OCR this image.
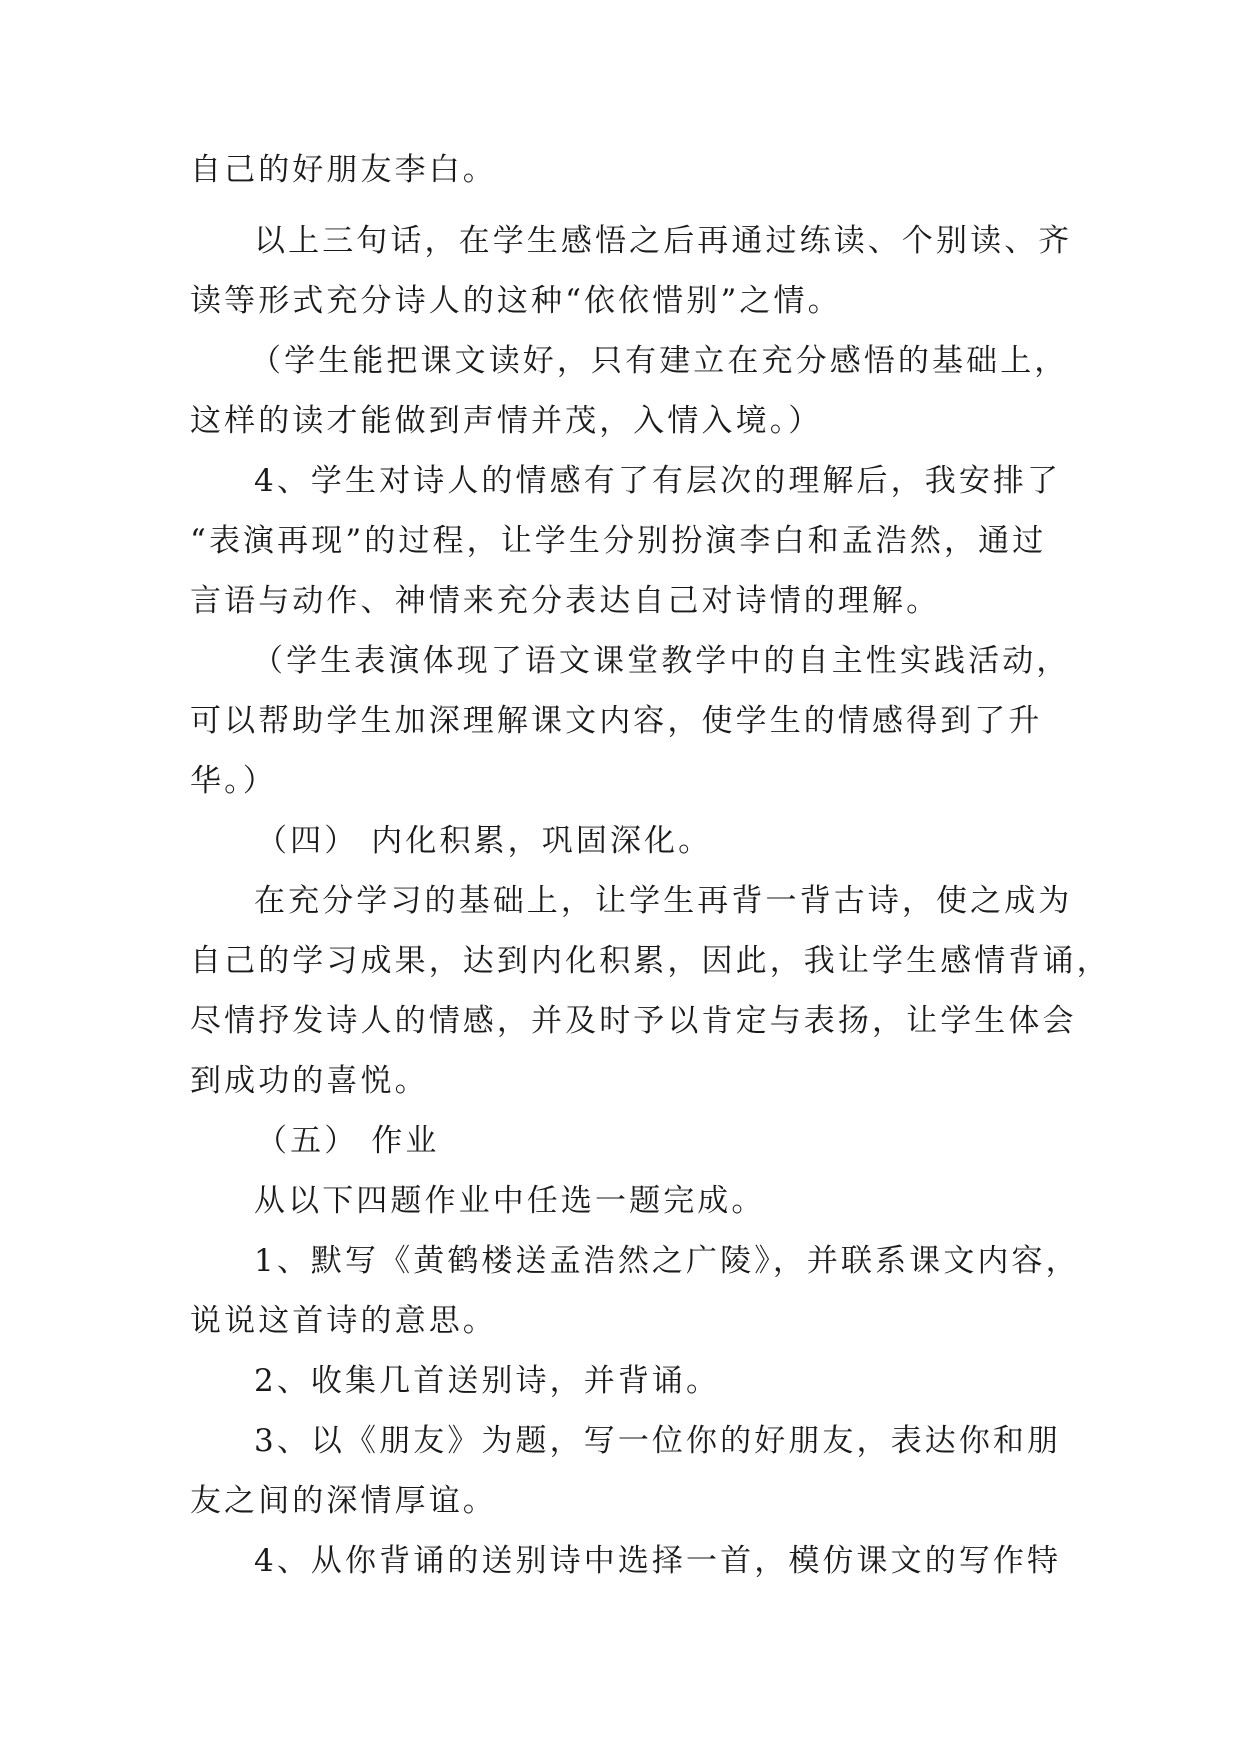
自己的好朋友李白。
以上三句话，在学生感悟之后再通过练读、个别读、齐
读等形式充分诗人的这种“依依惜别”之情。
（学生能把课文读好，只有建立在充分感悟的基础上，
这样的读才能做到声情并茂，入情入境。）
4、学生对诗人的情感有了有层次的理解后，我安排了
“表演再现”的过程，让学生分别扮演李白和孟浩然，通过
言语与动作、神情来充分表达自己对诗情的理解。
（学生表演体现了语文课堂教学中的自主性实践活动，
可以帮助学生加深理解课文内容，使学生的情感得到了升
华。）
（四） 内化积累，巩固深化。
在充分学习的基础上，让学生再背一背古诗，使之成为
自己的学习成果，达到内化积累，因此，我让学生感情背诵，
尽情抒发诗人的情感，并及时予以肯定与表扬，让学生体会
到成功的喜悦。
（五） 作业
从以下四题作业中任选一题完成。
1、默写《黄鹤楼送孟浩然之广陵》，并联系课文内容，
说说这首诗的意思。
2、收集几首送别诗，并背诵。
3、以《朋友》为题，写一位你的好朋友，表达你和朋
友之间的深情厚谊。
4、从你背诵的送别诗中选择一首，模仿课文的写作特
